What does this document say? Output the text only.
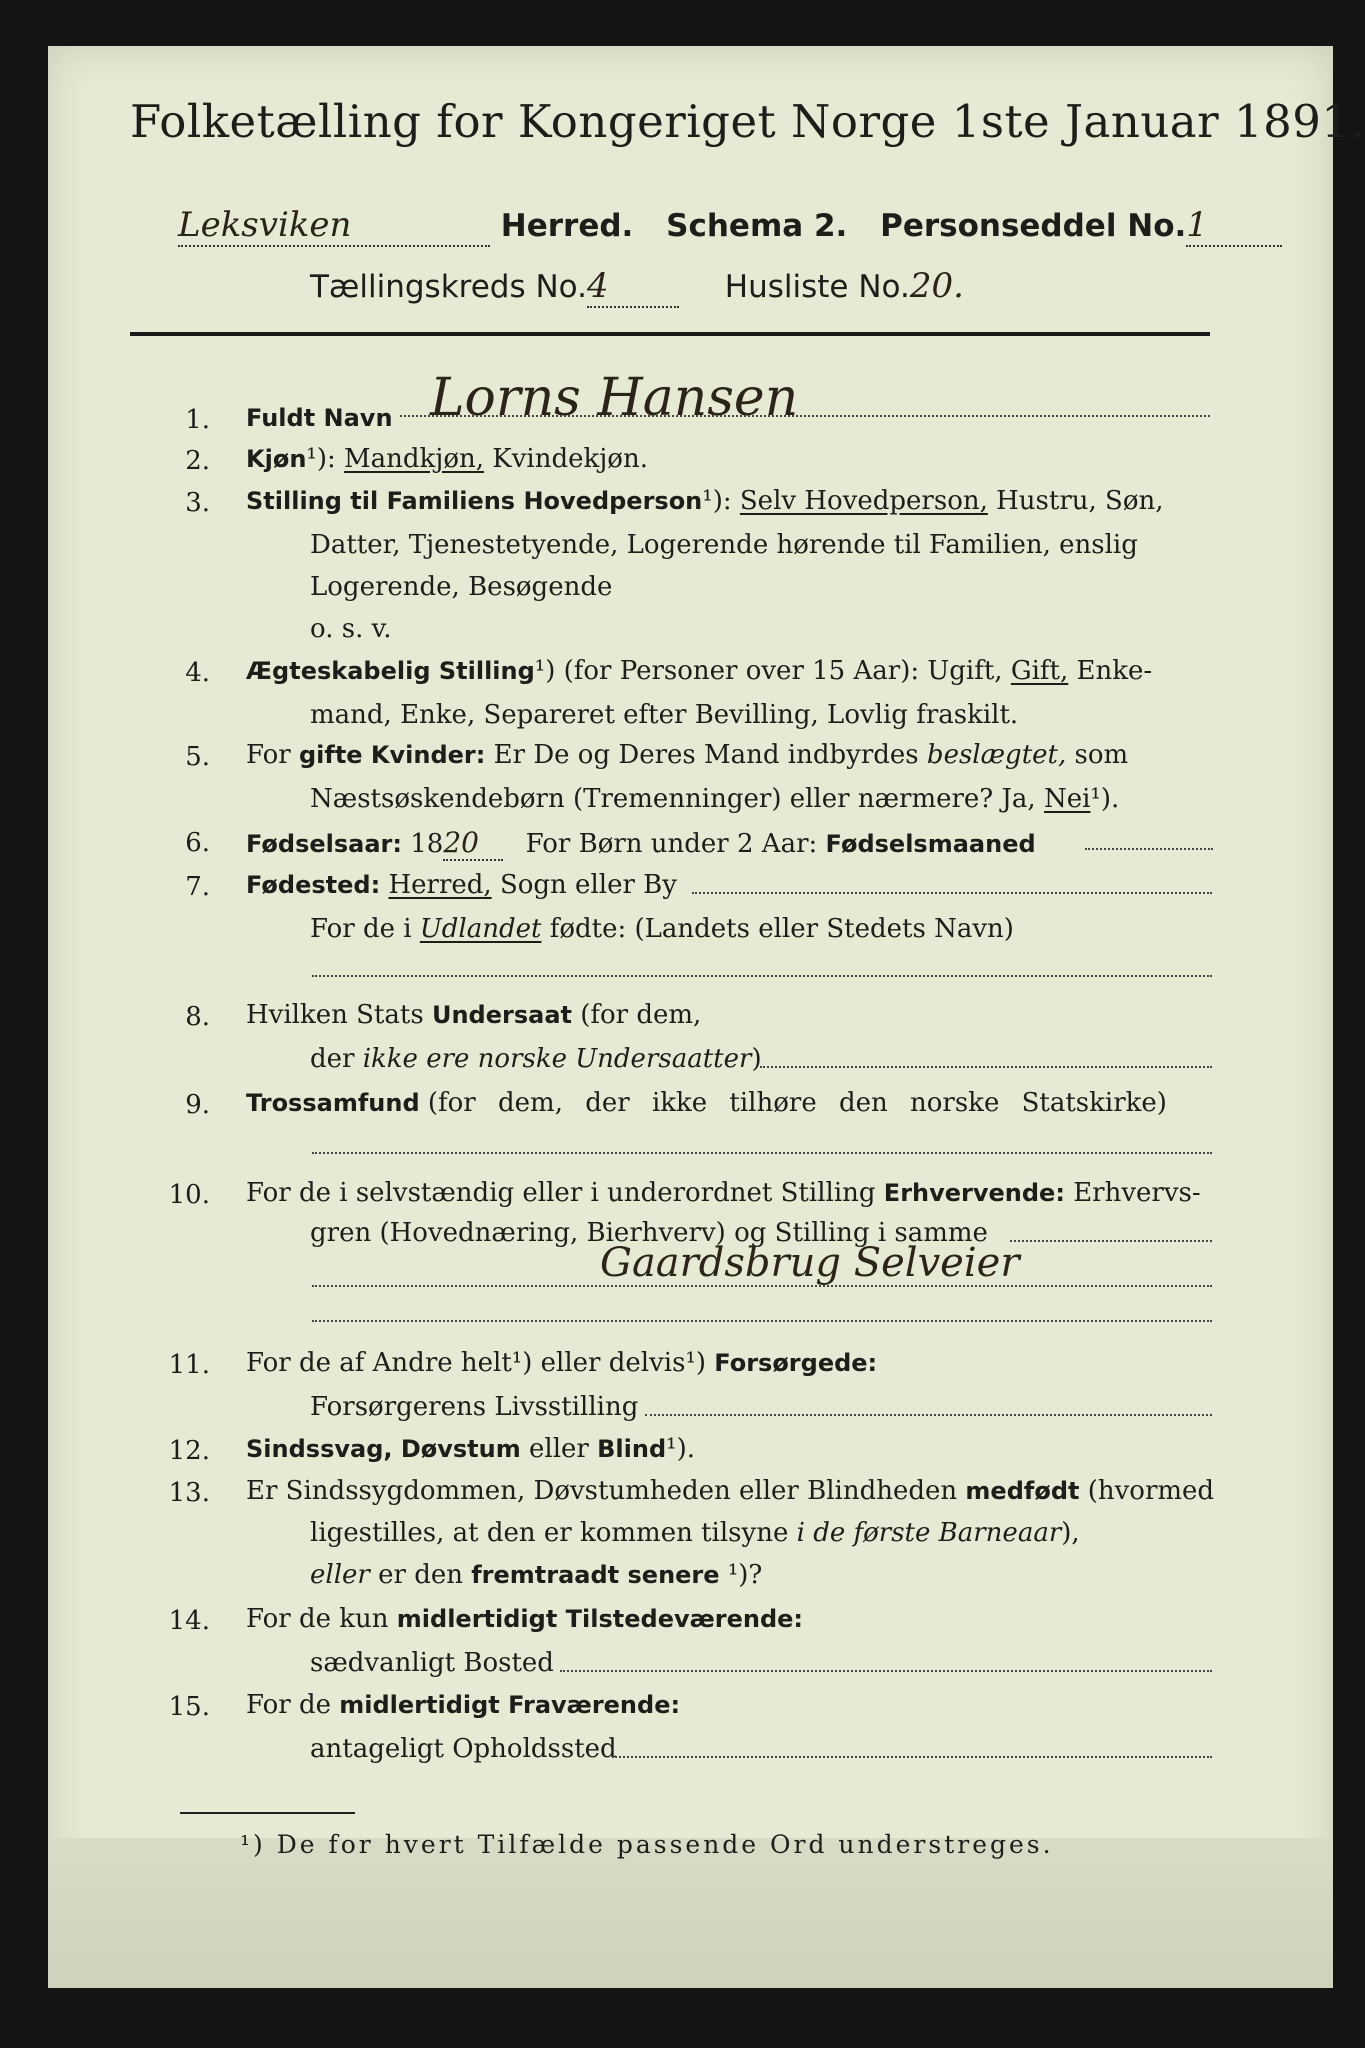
Folketælling for Kongeriget Norge 1ste Januar 1891.
Leksviken	Herred. Schema 2. Personseddel No.1
Tællingskreds No.4	Husliste No.20.
1. Fuldt Navn Lorns Hansen
2. Kjøn¹): Mandkjøn, Kvindekjøn.
3. Stilling til Familiens Hovedperson¹): Selv Hovedperson, Hustru, Søn,
Datter, Tjenestetyende, Logerende hørende til Familien, enslig
Logerende, Besøgende
o. s. v.
4. Ægteskabelig Stilling¹) (for Personer over 15 Aar): Ugift, Gift, Enke-
mand, Enke, Separeret efter Bevilling, Lovlig fraskilt.
5. For gifte Kvinder: Er De og Deres Mand indbyrdes beslægtet, som
Næstsøskendebørn (Tremenninger) eller nærmere? Ja, Nei¹).
6. Fødselsaar: 1820 For Børn under 2 Aar: Fødselsmaaned
7. Fødested: Herred, Sogn eller By
For de i Udlandet fødte: (Landets eller Stedets Navn)
8. Hvilken Stats Undersaat (for dem,
der ikke ere norske Undersaatter)
9. Trossamfund (for dem, der ikke tilhøre den norske Statskirke)
10. For de i selvstændig eller i underordnet Stilling Erhvervende: Erhvervs-
gren (Hovednæring, Bierhverv) og Stilling i samme
Gaardsbrug Selveier
11. For de af Andre helt¹) eller delvis¹) Forsørgede:
Forsørgerens Livsstilling
12. Sindssvag, Døvstum eller Blind¹).
13. Er Sindssygdommen, Døvstumheden eller Blindheden medfødt (hvormed
ligestilles, at den er kommen tilsyne i de første Barneaar),
eller er den fremtraadt senere ¹)?
14. For de kun midlertidigt Tilstedeværende:
sædvanligt Bosted
15. For de midlertidigt Fraværende:
antageligt Opholdssted
¹) De for hvert Tilfælde passende Ord understreges.
